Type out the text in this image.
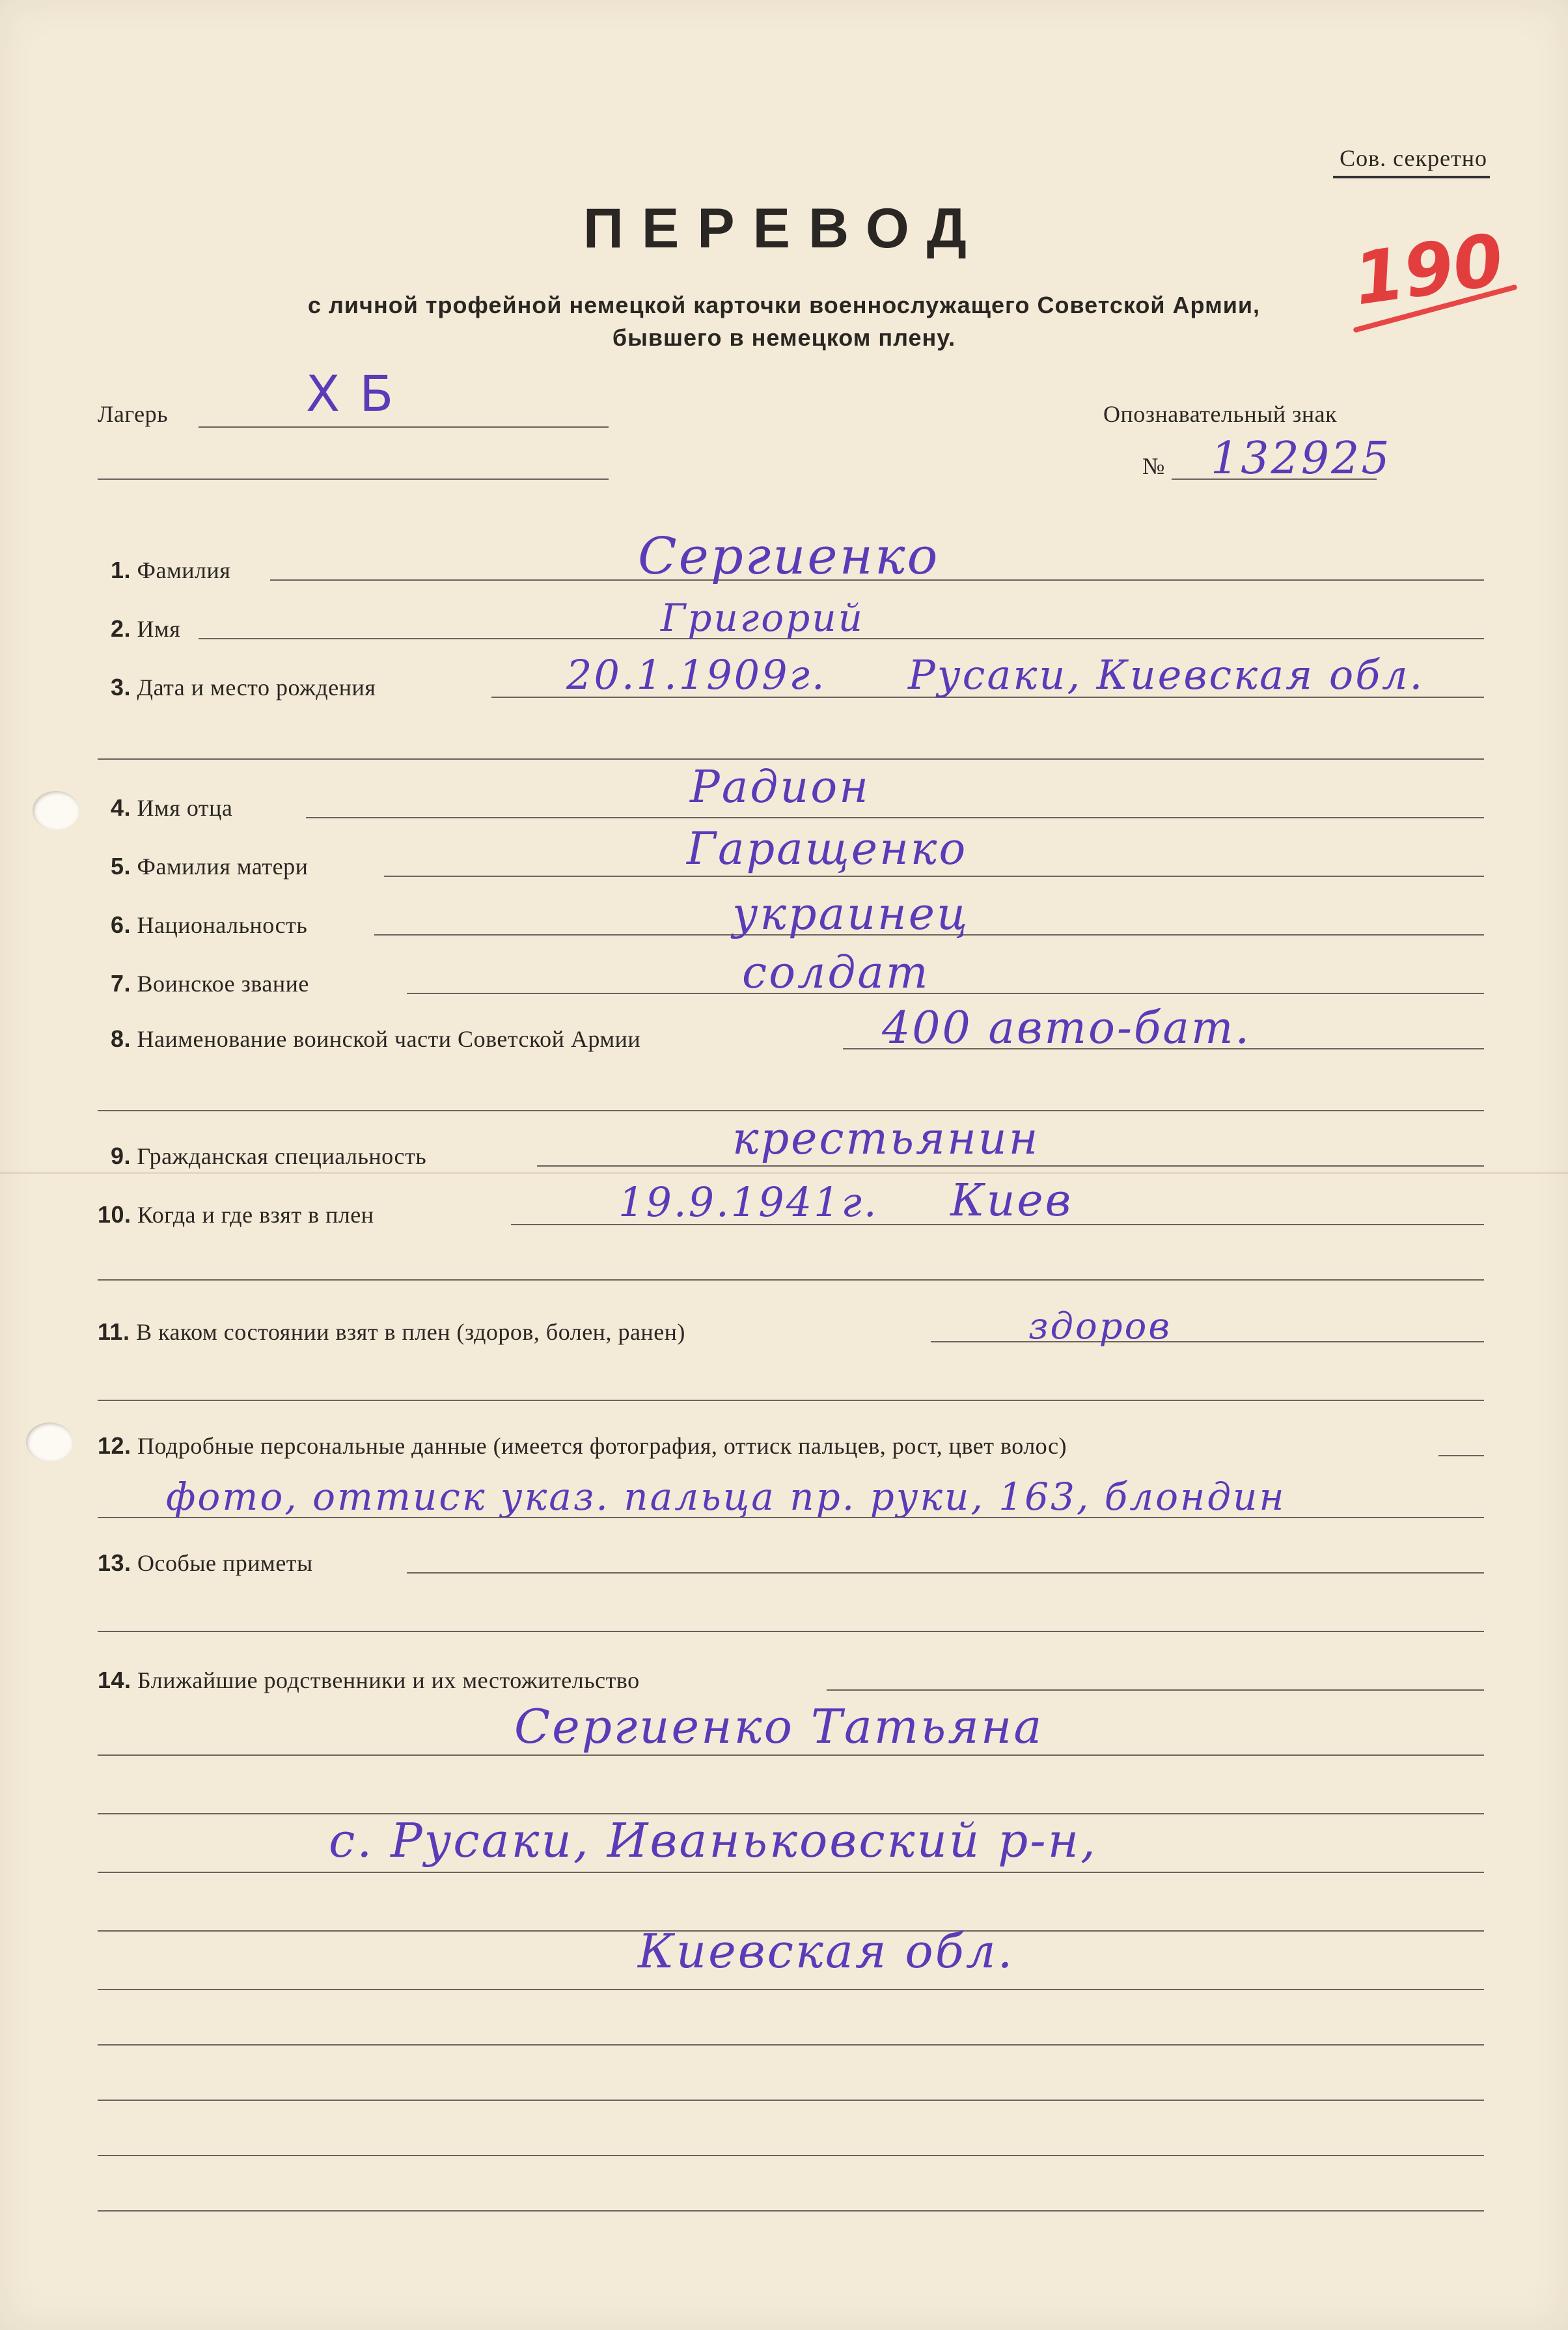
Сов. секретно
ПЕРЕВОД
с личной трофейной немецкой карточки военнослужащего Советской Армии,
бывшего в немецком плену.
190
Лагерь	Х Б	Опознавательный знак
№ 132925
1. Фамилия	Сергиенко
2. Имя	Григорий
3. Дата и место рождения	20.1.1909г. Русаки, Киевская обл.
4. Имя отца	Радион
5. Фамилия матери	Гаращенко
6. Национальность	украинец
7. Воинское звание	солдат
8. Наименование воинской части Советской Армии	400 авто-бат.
9. Гражданская специальность	крестьянин
10. Когда и где взят в плен	19.9.1941г. Киев
11. В каком состоянии взят в плен (здоров, болен, ранен)	здоров
12. Подробные персональные данные (имеется фотография, оттиск пальцев, рост, цвет волос)
фото, оттиск указ. пальца пр. руки, 163, блондин
13. Особые приметы
14. Ближайшие родственники и их местожительство
Сергиенко Татьяна
с. Русаки, Иваньковский р-н,
Киевская обл.
